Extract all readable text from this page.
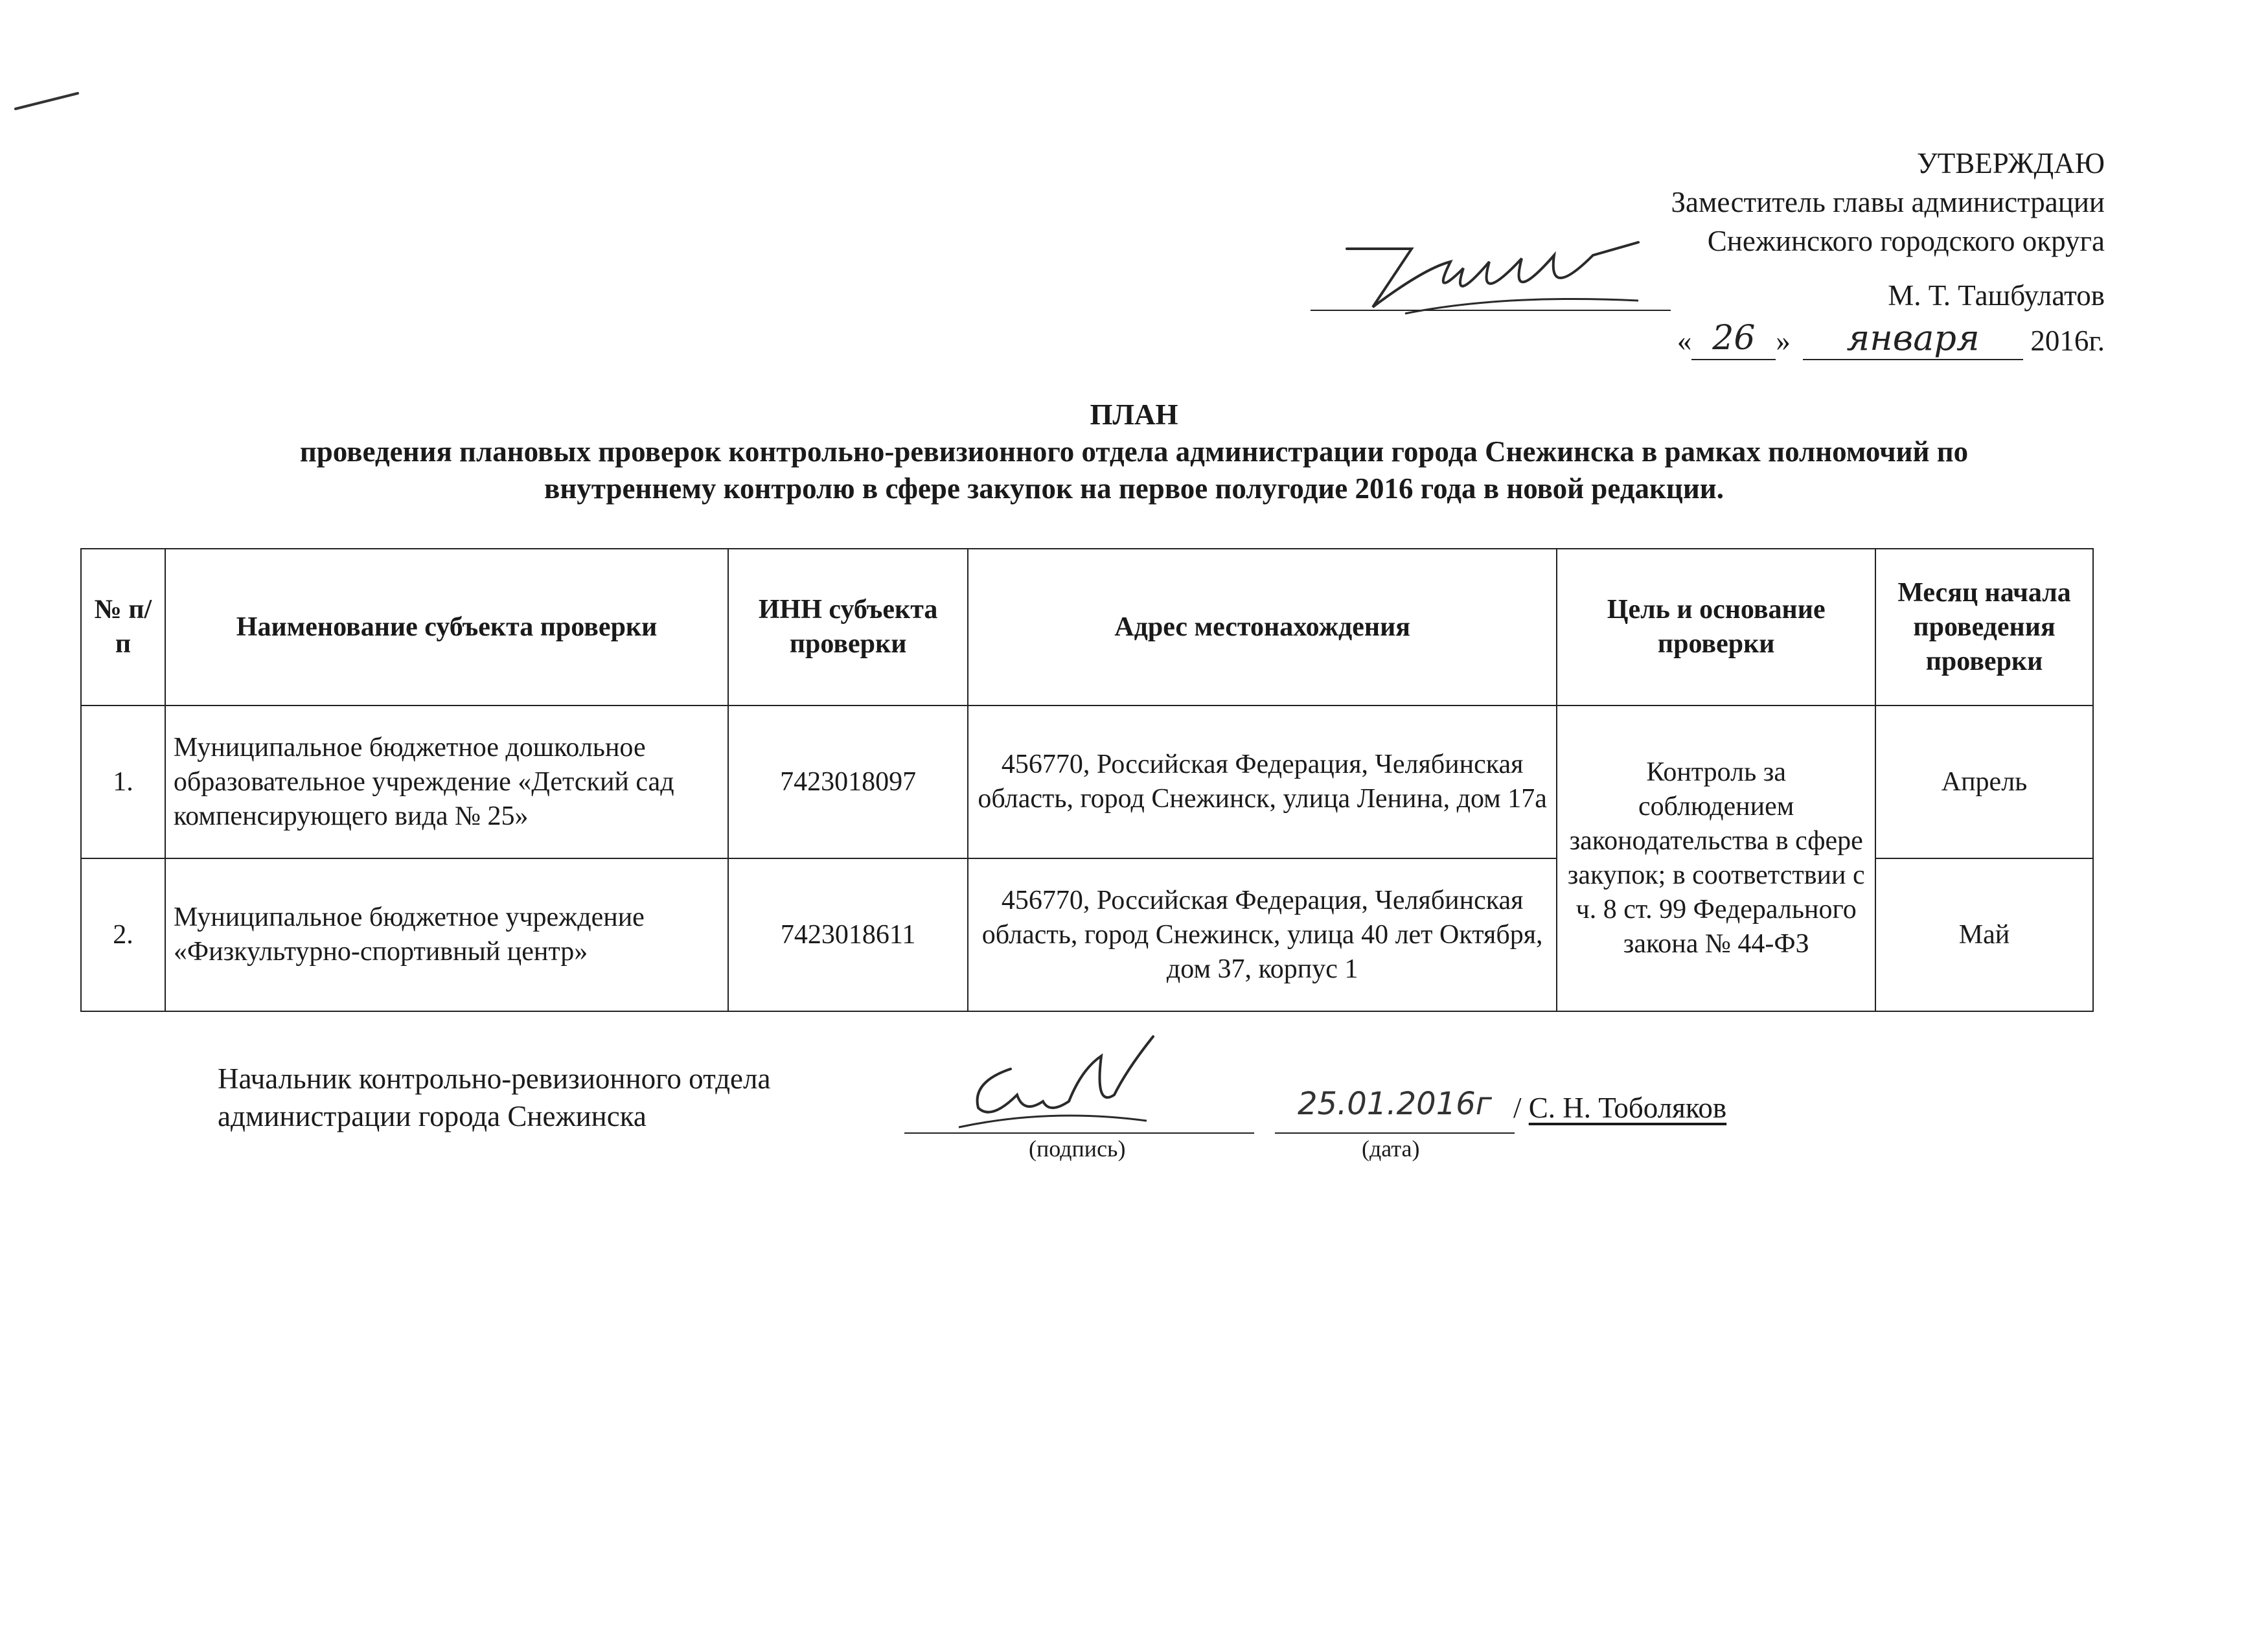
УТВЕРЖДАЮ
Заместитель главы администрации
Снежинского городского округа
М. Т. Ташбулатов
« 26 »	января	2016г.
ПЛАН
проведения плановых проверок контрольно-ревизионного отдела администрации города Снежинска в рамках полномочий по
внутреннему контролю в сфере закупок на первое полугодие 2016 года в новой редакции.
№ п/п	Наименование субъекта проверки	ИНН субъекта проверки	Адрес местонахождения	Цель и основание проверки	Месяц начала проведения проверки
1.	Муниципальное бюджетное дошкольное образовательное учреждение «Детский сад компенсирующего вида № 25»	7423018097	456770, Российская Федерация, Челябинская область, город Снежинск, улица Ленина, дом 17а	Контроль за соблюдением законодательства в сфере закупок; в соответствии с ч. 8 ст. 99 Федерального закона № 44-ФЗ	Апрель
2.	Муниципальное бюджетное учреждение «Физкультурно-спортивный центр»	7423018611	456770, Российская Федерация, Челябинская область, город Снежинск, улица 40 лет Октября, дом 37, корпус 1		Май
Начальник контрольно-ревизионного отдела
администрации города Снежинска
(подпись)
25.01.2016г
(дата)
/ С. Н. Тоболяков
